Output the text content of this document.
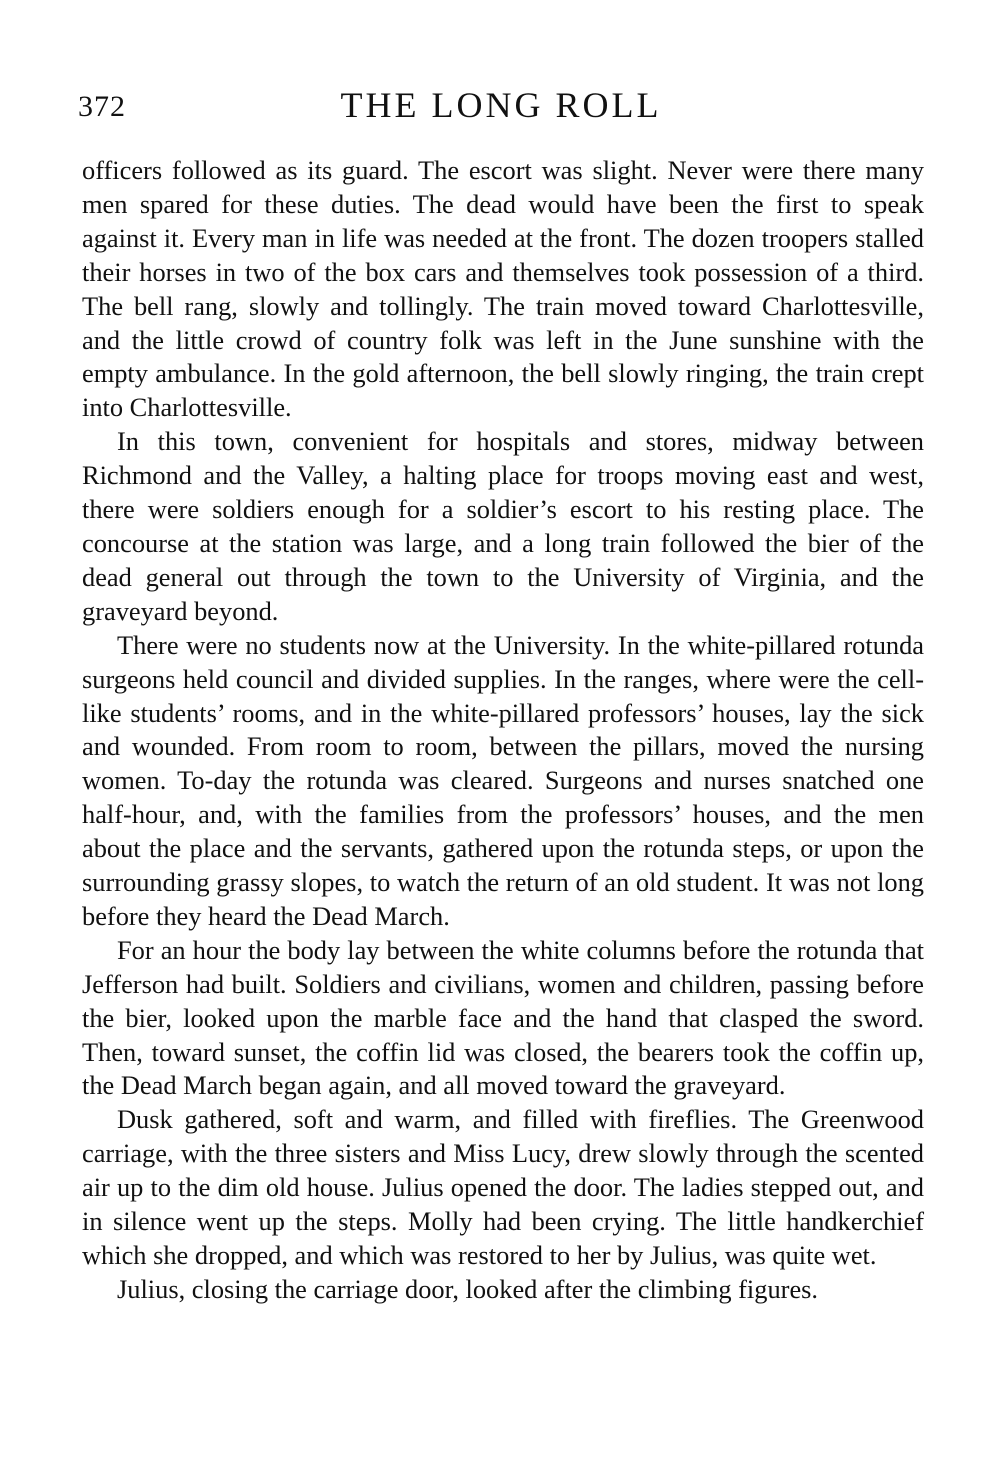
372	THE LONG ROLL

officers followed as its guard. The escort was slight. Never were there many men spared for these duties. The dead would have been the first to speak against it. Every man in life was needed at the front. The dozen troopers stalled their horses in two of the box cars and themselves took possession of a third. The bell rang, slowly and tollingly. The train moved toward Charlottesville, and the little crowd of country folk was left in the June sunshine with the empty ambulance. In the gold afternoon, the bell slowly ringing, the train crept into Charlottesville.

In this town, convenient for hospitals and stores, midway between Richmond and the Valley, a halting place for troops moving east and west, there were soldiers enough for a soldier’s escort to his resting place. The concourse at the station was large, and a long train followed the bier of the dead general out through the town to the University of Virginia, and the graveyard beyond.

There were no students now at the University. In the white-pillared rotunda surgeons held council and divided supplies. In the ranges, where were the cell-like students’ rooms, and in the white-pillared professors’ houses, lay the sick and wounded. From room to room, between the pillars, moved the nursing women. To-day the rotunda was cleared. Surgeons and nurses snatched one half-hour, and, with the families from the professors’ houses, and the men about the place and the servants, gathered upon the rotunda steps, or upon the surrounding grassy slopes, to watch the return of an old student. It was not long before they heard the Dead March.

For an hour the body lay between the white columns before the rotunda that Jefferson had built. Soldiers and civilians, women and children, passing before the bier, looked upon the marble face and the hand that clasped the sword. Then, toward sunset, the coffin lid was closed, the bearers took the coffin up, the Dead March began again, and all moved toward the graveyard.

Dusk gathered, soft and warm, and filled with fireflies. The Greenwood carriage, with the three sisters and Miss Lucy, drew slowly through the scented air up to the dim old house. Julius opened the door. The ladies stepped out, and in silence went up the steps. Molly had been crying. The little handkerchief which she dropped, and which was restored to her by Julius, was quite wet.

Julius, closing the carriage door, looked after the climbing figures.
